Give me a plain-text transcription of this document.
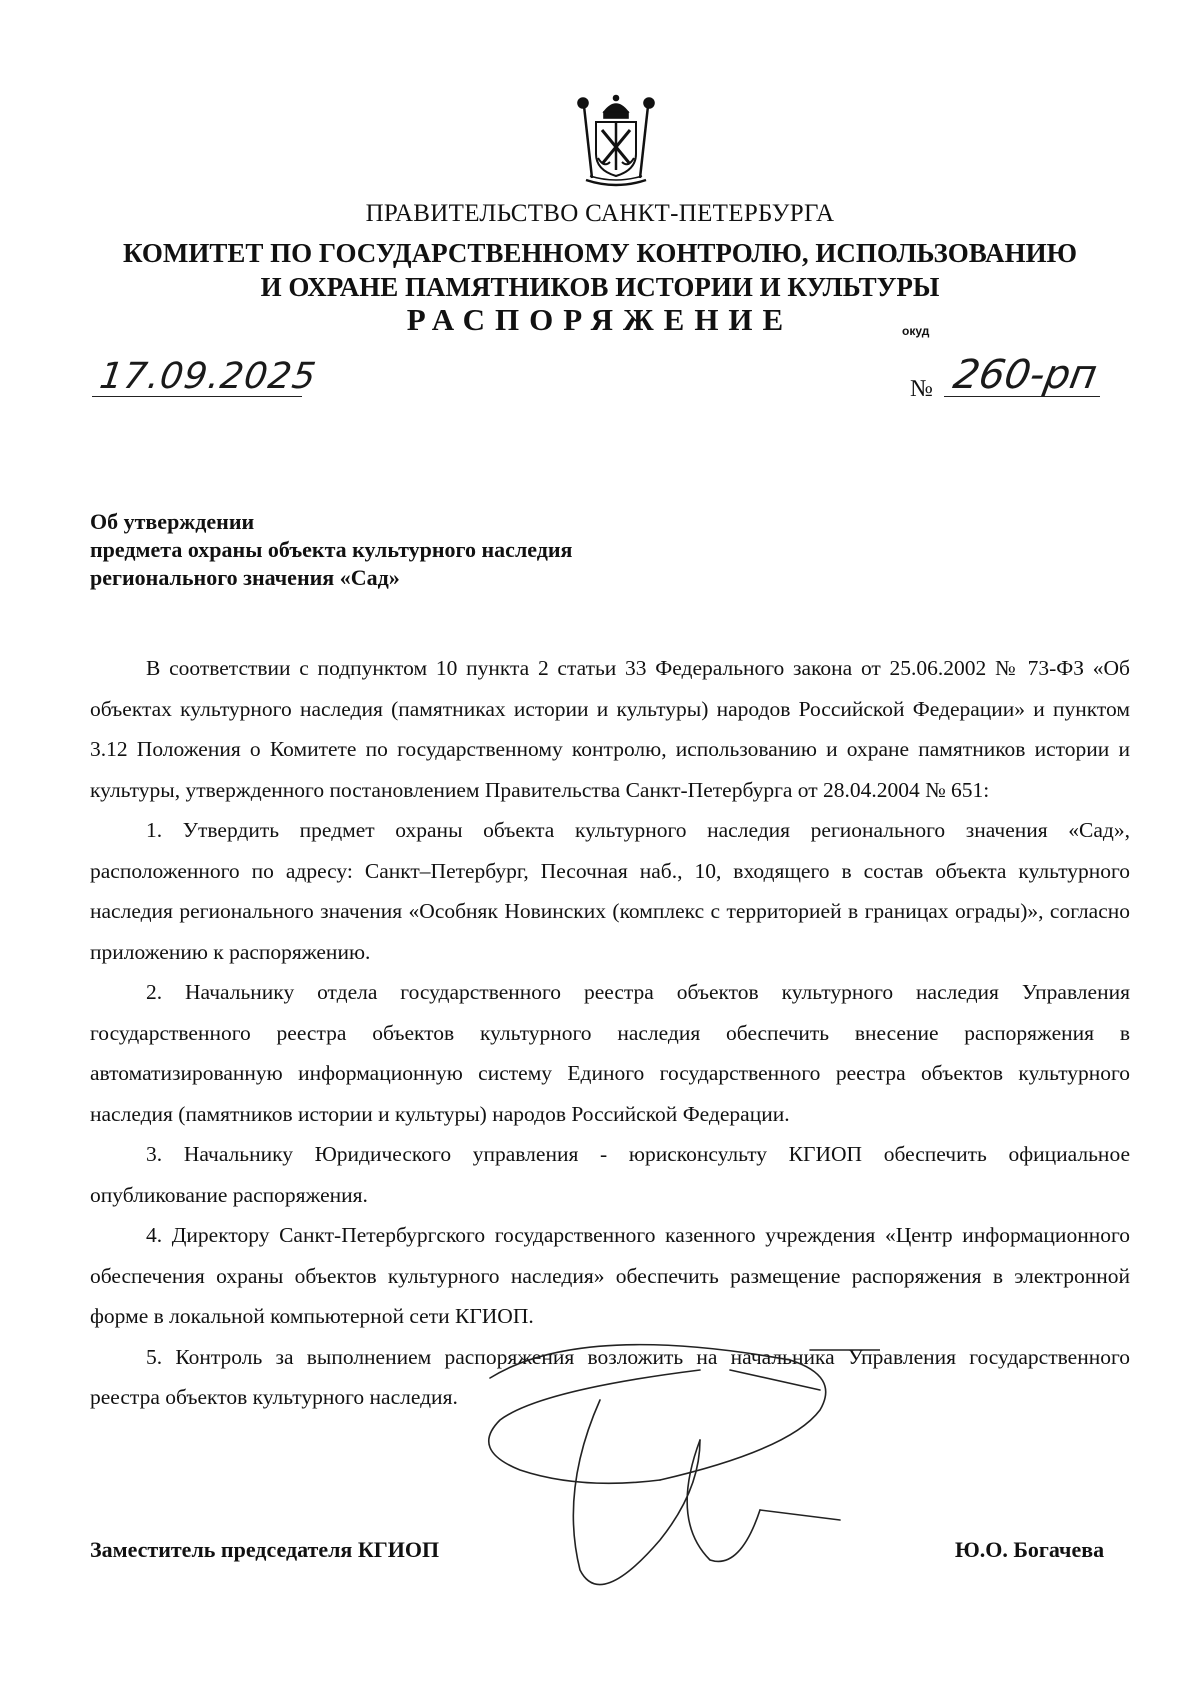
ПРАВИТЕЛЬСТВО САНКТ-ПЕТЕРБУРГА
КОМИТЕТ ПО ГОСУДАРСТВЕННОМУ КОНТРОЛЮ, ИСПОЛЬЗОВАНИЮ
И ОХРАНЕ ПАМЯТНИКОВ ИСТОРИИ И КУЛЬТУРЫ
РАСПОРЯЖЕНИЕ	окуд
17.09.2025	№ 260-рп
Об утверждении
предмета охраны объекта культурного наследия
регионального значения «Сад»

В соответствии с подпунктом 10 пункта 2 статьи 33 Федерального закона от 25.06.2002 № 73-ФЗ «Об объектах культурного наследия (памятниках истории и культуры) народов Российской Федерации» и пунктом 3.12 Положения о Комитете по государственному контролю, использованию и охране памятников истории и культуры, утвержденного постановлением Правительства Санкт-Петербурга от 28.04.2004 № 651:

1. Утвердить предмет охраны объекта культурного наследия регионального значения «Сад», расположенного по адресу: Санкт–Петербург, Песочная наб., 10, входящего в состав объекта культурного наследия регионального значения «Особняк Новинских (комплекс с территорией в границах ограды)», согласно приложению к распоряжению.

2. Начальнику отдела государственного реестра объектов культурного наследия Управления государственного реестра объектов культурного наследия обеспечить внесение распоряжения в автоматизированную информационную систему Единого государственного реестра объектов культурного наследия (памятников истории и культуры) народов Российской Федерации.

3. Начальнику Юридического управления - юрисконсульту КГИОП обеспечить официальное опубликование распоряжения.

4. Директору Санкт-Петербургского государственного казенного учреждения «Центр информационного обеспечения охраны объектов культурного наследия» обеспечить размещение распоряжения в электронной форме в локальной компьютерной сети КГИОП.

5. Контроль за выполнением распоряжения возложить на начальника Управления государственного реестра объектов культурного наследия.

Заместитель председателя КГИОП	Ю.О. Богачева
